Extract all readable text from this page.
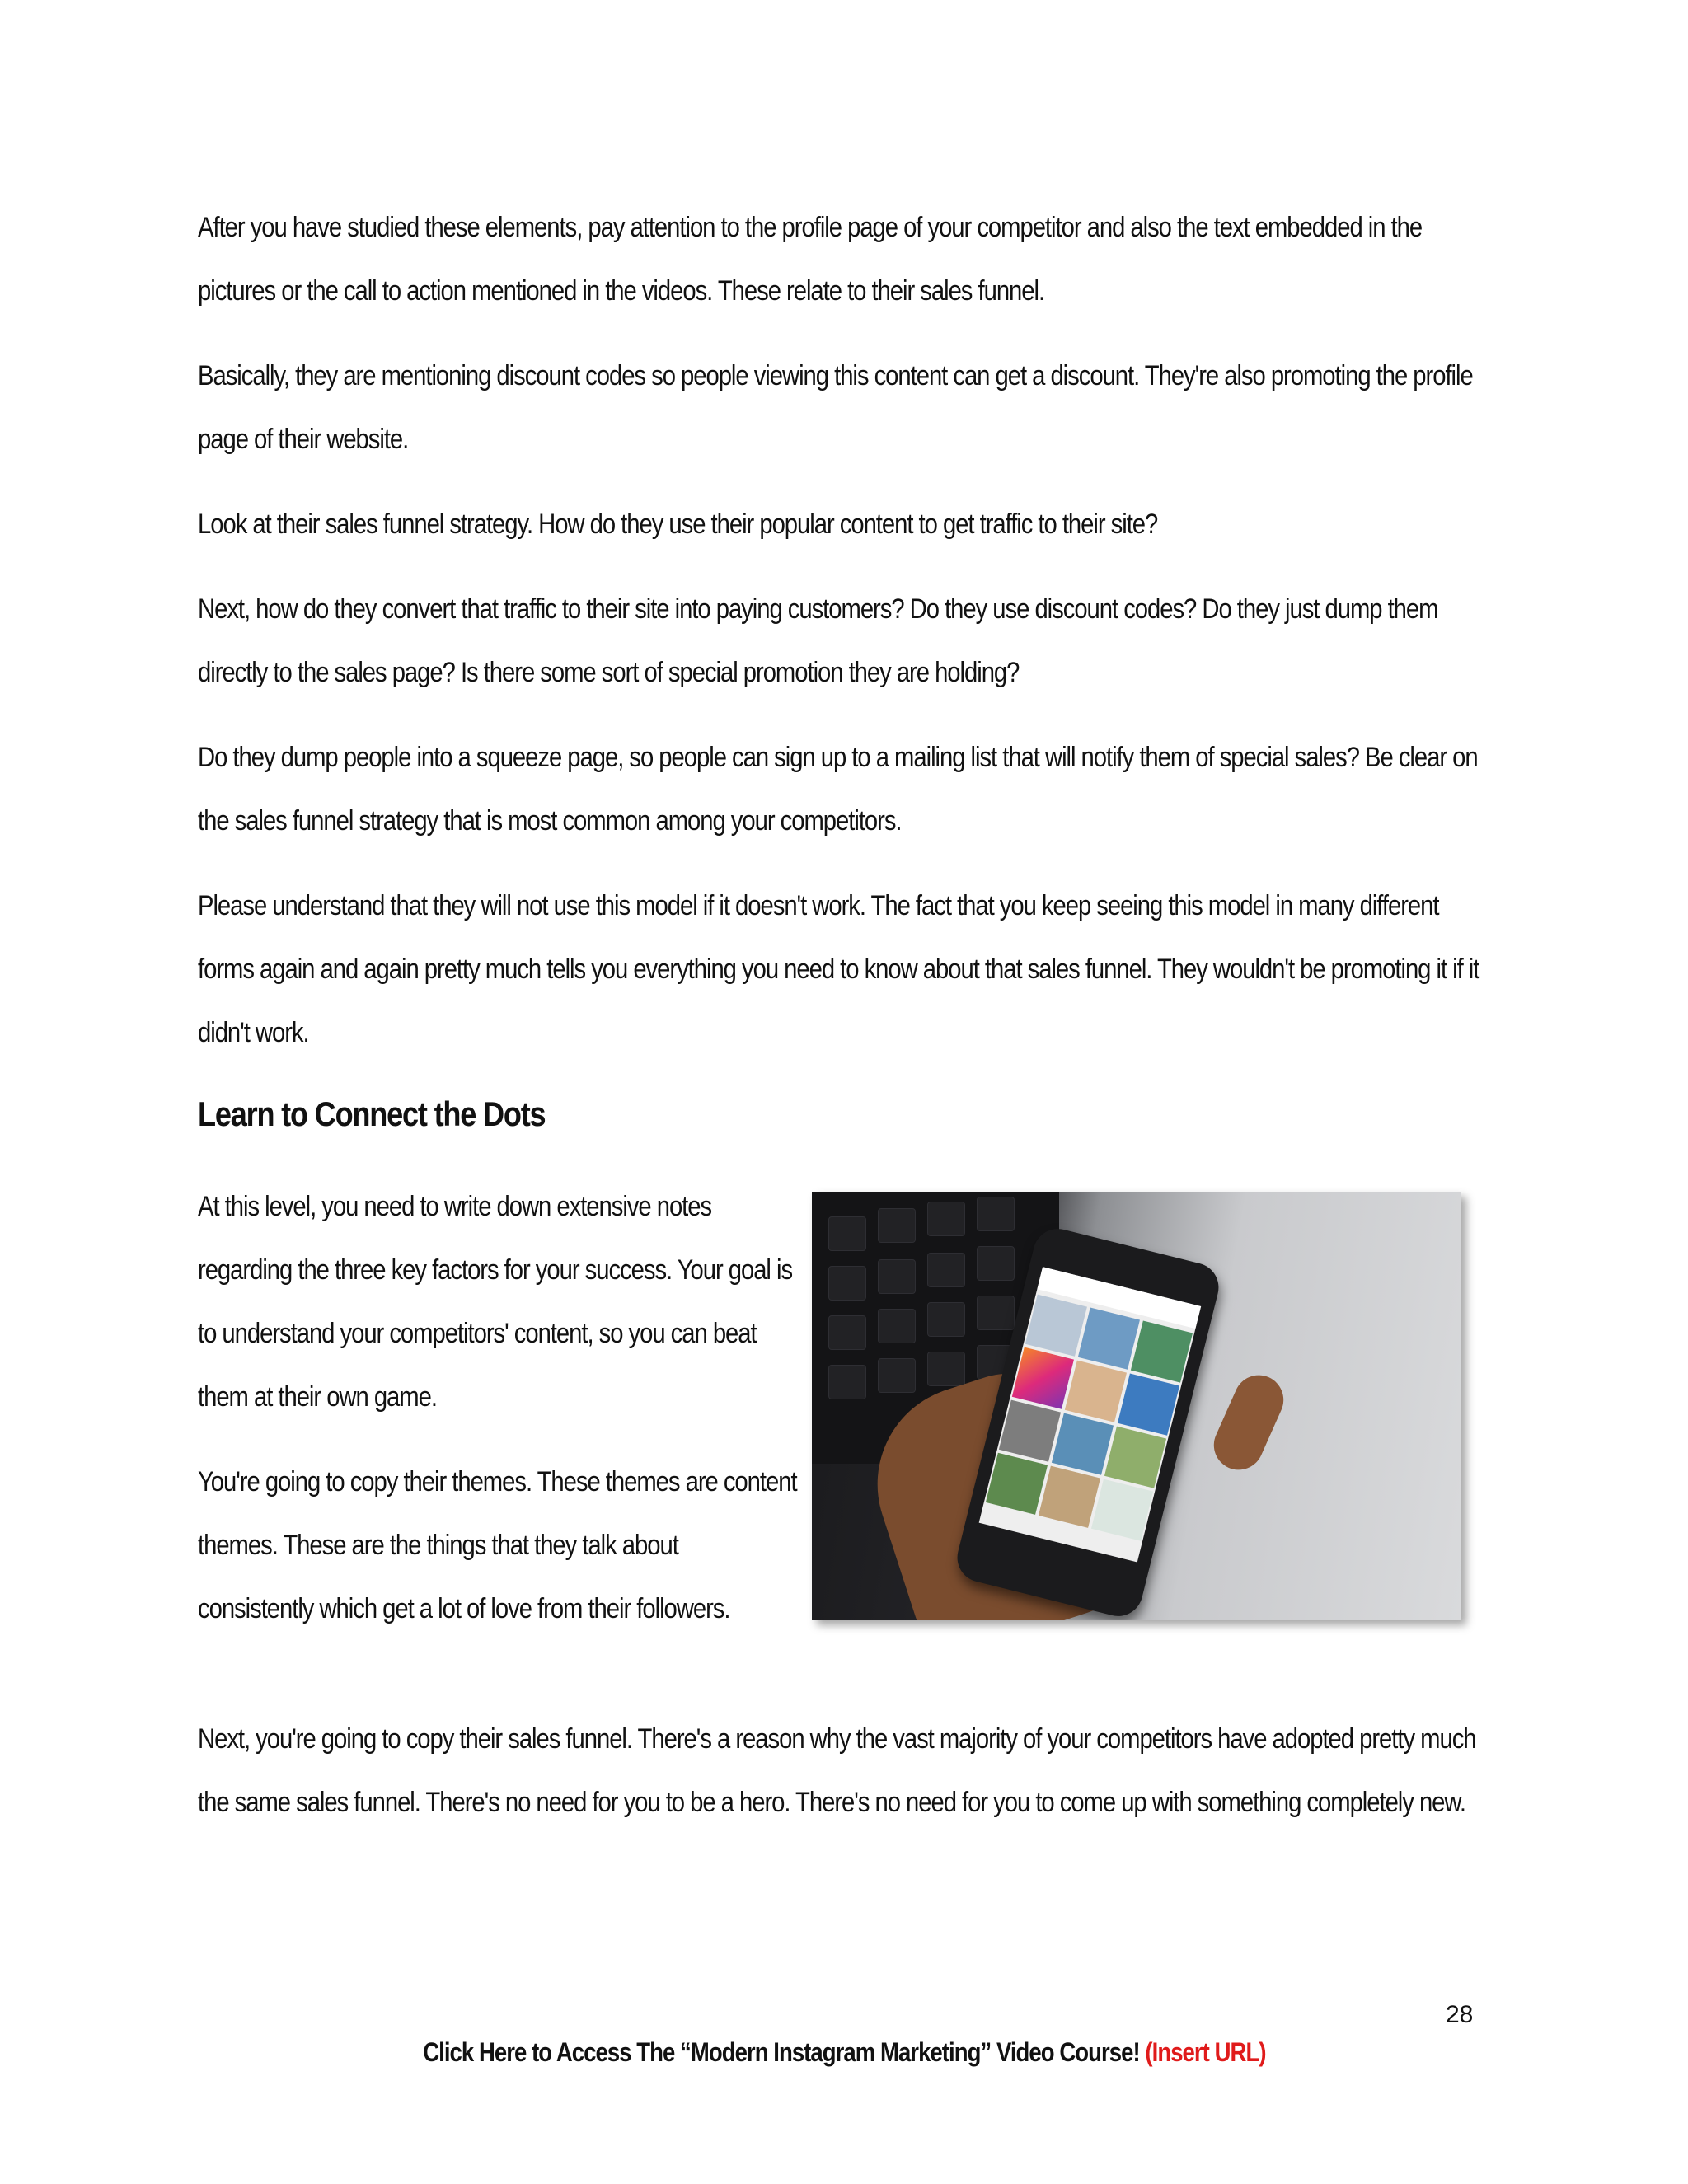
After you have studied these elements, pay attention to the profile page of your competitor and also the text embedded in the pictures or the call to action mentioned in the videos. These relate to their sales funnel.

Basically, they are mentioning discount codes so people viewing this content can get a discount. They're also promoting the profile page of their website.

Look at their sales funnel strategy. How do they use their popular content to get traffic to their site?

Next, how do they convert that traffic to their site into paying customers? Do they use discount codes? Do they just dump them directly to the sales page? Is there some sort of special promotion they are holding?

Do they dump people into a squeeze page, so people can sign up to a mailing list that will notify them of special sales? Be clear on the sales funnel strategy that is most common among your competitors.

Please understand that they will not use this model if it doesn't work. The fact that you keep seeing this model in many different forms again and again pretty much tells you everything you need to know about that sales funnel. They wouldn't be promoting it if it didn't work.

Learn to Connect the Dots

At this level, you need to write down extensive notes regarding the three key factors for your success. Your goal is to understand your competitors' content, so you can beat them at their own game.

You're going to copy their themes. These themes are content themes. These are the things that they talk about consistently which get a lot of love from their followers.

Next, you're going to copy their sales funnel. There's a reason why the vast majority of your competitors have adopted pretty much the same sales funnel. There's no need for you to be a hero. There's no need for you to come up with something completely new.

28
Click Here to Access The “Modern Instagram Marketing” Video Course! (Insert URL)
